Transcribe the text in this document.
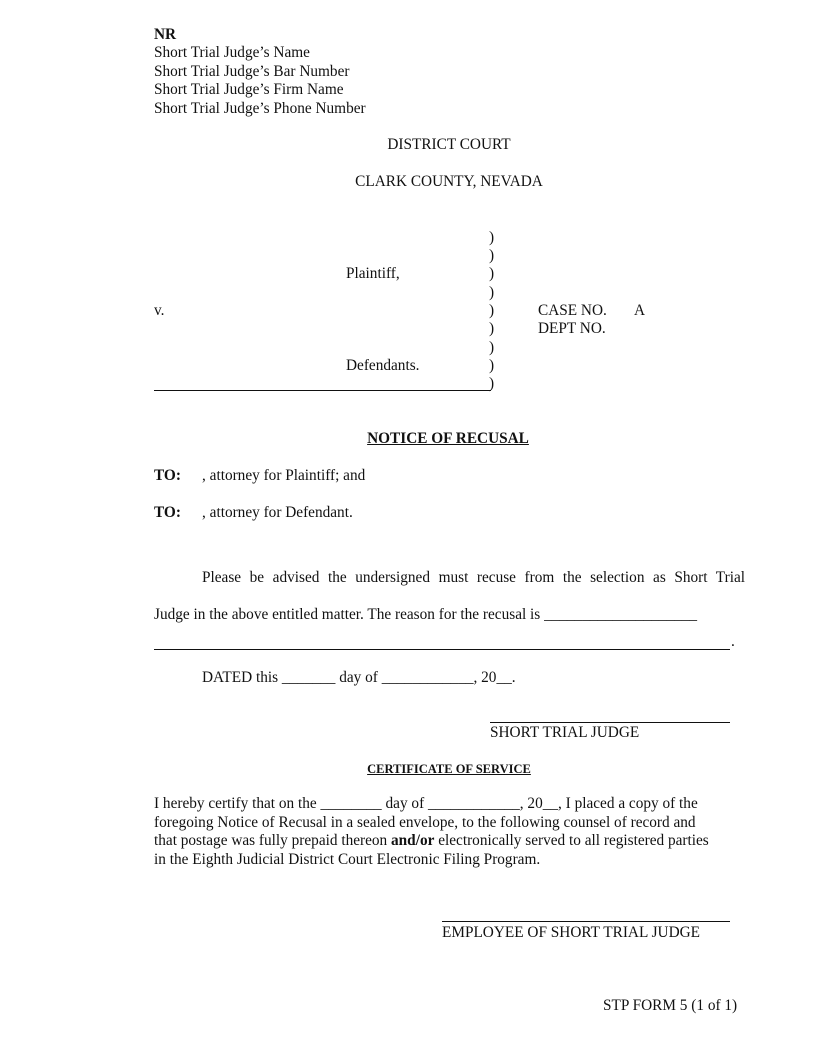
NR
Short Trial Judge’s Name
Short Trial Judge’s Bar Number
Short Trial Judge’s Firm Name
Short Trial Judge’s Phone Number
DISTRICT COURT
CLARK COUNTY, NEVADA
)
)
)
)
)
)
)
)
)
Plaintiff,
v.
Defendants.
CASE NO. A
DEPT NO.
NOTICE OF RECUSAL
TO: , attorney for Plaintiff; and
TO: , attorney for Defendant.
Please be advised the undersigned must recuse from the selection as Short Trial
Judge in the above entitled matter. The reason for the recusal is ____________________
.
DATED this _______ day of ____________, 20__.
SHORT TRIAL JUDGE
CERTIFICATE OF SERVICE
I hereby certify that on the ________ day of ____________, 20__, I placed a copy of the
foregoing Notice of Recusal in a sealed envelope, to the following counsel of record and
that postage was fully prepaid thereon and/or electronically served to all registered parties
in the Eighth Judicial District Court Electronic Filing Program.
EMPLOYEE OF SHORT TRIAL JUDGE
STP FORM 5 (1 of 1)
